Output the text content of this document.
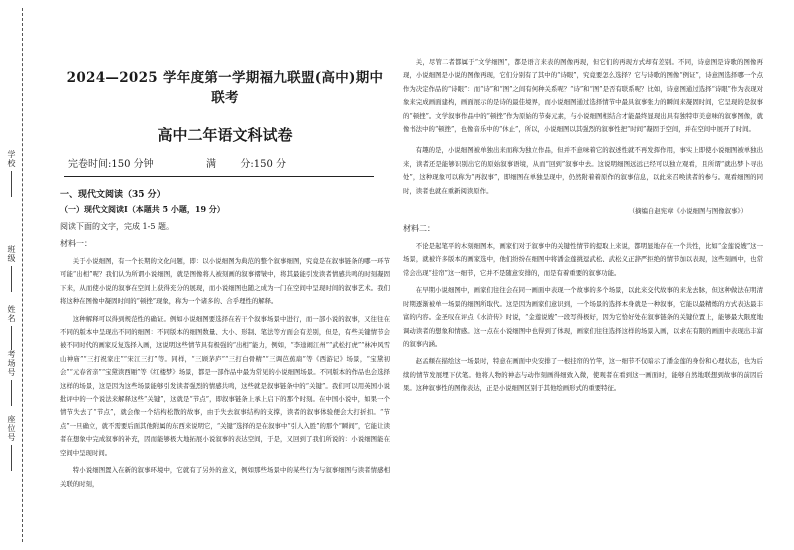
学校
班级
姓名
考场号
座位号
2024—2025 学年度第一学期福九联盟(高中)期中联考
高中二年语文科试卷
完卷时间:150 分钟	满 分:150 分
一、现代文阅读（35 分）
（一）现代文阅读Ⅰ（本题共 5 小题，19 分）
阅读下面的文字，完成 1-5 题。
材料一：

关于小说细图，有一个长期的文化问题，即：以小说细图为典范的整个叙事细图，究竟是在叙事链条的哪一环节可能“出相”呢？我们认为所谓小说细图，就是图像将人被刻画的叙事褶皱中，将其最能引发读者情感共鸣的时刻凝固下来，从而使小说的叙事在空间上获得充分的展现，而小说细图也随之成为一门在空间中呈现时间的叙事艺术。我们将这种在图像中凝固时间的“顿挫”现象，称为一个诸多的、合乎理性的解释。

这种解释可以得到规范性的确证。例如小说细图要选择在若干个叙事场景中进行，而一部小说的叙事，又往往在不同的版本中呈现出不同的细图：不同版本的细图数量、大小、形制、笔法等方面会有差别，但是，有些关键情节会被不同时代的画家反复选择入画，这说明这些情节具有极强的“出相”能力，例如，“李逵闹江州”“武松打虎”“林冲风雪山神庙”“三打祝家庄”“宋江三打”等。同样，“三顾茅庐”“三打白骨精”“三调芭蕉扇”等《西游记》场景，“宝黛初会”“元春省亲”“宝黛读西厢”等《红楼梦》场景，都是一部作品中最为常见的小说细图场景。不同版本的作品也会选择这样的场景，这是因为这些场景能够引发读者强烈的情感共鸣，这些就是叙事链条中的“关键”。我们可以用英国小说批评中的一个说法来解释这些“关键”，这就是“节点”，即叙事链条上承上启下的那个时刻。在中国小说中，如果一个情节失去了“节点”，就会像一个结构松散的故事，由于失去叙事结构的支撑，读者的叙事体验便会大打折扣。“节点”一旦确立，就不需要后面其他附属的东西来说明它，“关键”选择的是在叙事中“引人入胜”的那个“瞬间”，它能让读者在想象中完成叙事的补充，因而能够极大地拓展小说叙事的表达空间，于是，又回到了我们所说的：小说细图能在空间中呈现时间。

特小说细图置入在新的叙事环境中，它就有了另外的意义，例如那些场景中的某些行为与叙事细图与读者情感相关联的时刻，

关，尽管二者都属于“文学细图”，都是语言来表的图像再现，但它们的再现方式却有差别。不同，诗意图是诗歌的图像再现，小说细图是小说的图像再现，它们分别有了其中的“诗眼”，究竟要怎么选择？它与诗歌的图像“例证”，诗意图选择哪一个点作为决定作品的“诗眼”：而“诗”和“图”之间有何种关系呢？“诗”和“图”是否有联系呢？比如，诗意图通过选择“诗眼”作为表现对象来完成画面建构，画面展示的是诗的最佳境界，而小说细图通过选择情节中最具叙事张力的瞬间来凝固时间，它呈现的是叙事的“顿挫”。文学叙事作品中的“顿挫”作为原始的节奏元素，与小说细图相结合才能最终显现出具有独特审美意味的叙事图像，就像书法中的“顿挫”，也像音乐中的“休止”，所以，小说细图以其强烈的叙事性把“时间”凝固于空间，并在空间中展开了时间。

有趣的是，小说细图被单独出来而称为独立作品，但并不意味着它的叙述性就不再发挥作用，事实上即使小说细图被单独出来，读者还是能够识别出它的原始叙事语境，从而“回到”叙事中去。这说明细图远远已经可以独立观看，且所谓“就出梦卜寻出处”，这种现象可以称为“再叙事”，即细图在单独呈现中，仍然附着着原作的叙事信息，以此来召唤读者的参与。观看细图的同时，读者也就在重新阅读原作。

（摘编自赵宪章《小说细图与图像叙事》）
材料二：

不论是起笔平的木刻细图本，画家们对于叙事中的关键性情节的提取上来说，都明显地存在一个共性，比如“金莲说嫂”这一场景，就被许多版本的画家选中，他们纷纷在细图中将潘金莲挑逗武松、武松义正辞严拒绝的情节加以表现，这些刻画中，也常常会出现“挂帘”这一细节，它并不是随意安排的，而是有着重要的叙事功能。

在早期小说细图中，画家们往往会在同一画面中表现一个故事的多个场景，以此来交代故事的来龙去脉，但这种做法在明清时期逐渐被单一场景的细图所取代。这是因为画家们意识到，一个场景的选择本身就是一种叙事，它能以最精炼的方式表达最丰富的内容。金圣叹在评点《水浒传》时说，“金莲说嫂”一段写得极好，因为它恰好处在叙事链条的关键位置上，能够最大限度地调动读者的想象和情感。这一点在小说细图中也得到了体现，画家们往往选择这样的场景入画，以求在有限的画面中表现出丰富的叙事内涵。

赵孟頫在描绘这一场景时，特意在画面中央安排了一根挂帘的竹竿，这一细节不仅暗示了潘金莲的身份和心理状态，也为后续的情节发展埋下伏笔。他将人物的神态与动作刻画得细致入微，使观者在看到这一画面时，能够自然地联想到故事的前因后果。这种叙事性的图像表达，正是小说细图区别于其他绘画形式的重要特征。
